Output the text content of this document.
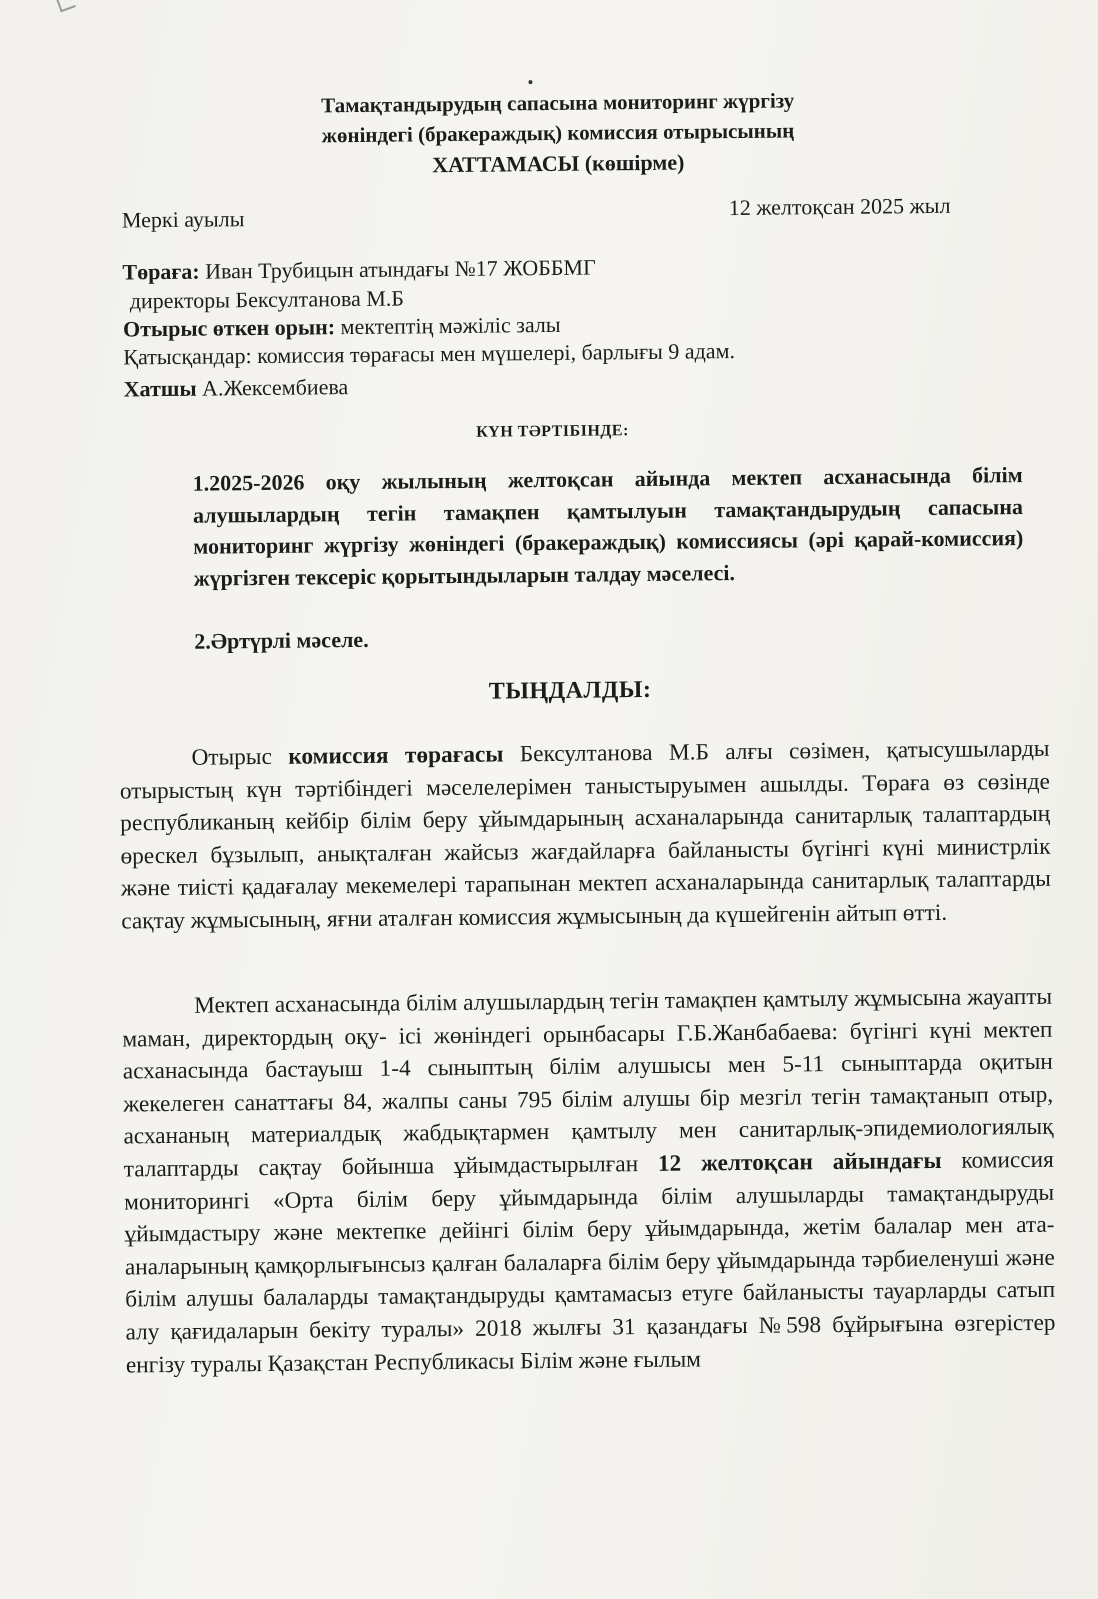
Тамақтандырудың сапасына мониторинг жүргізу
жөніндегі (бракераждық) комиссия отырысының
ХАТТАМАСЫ (көшірме)
Меркі ауылы	12 желтоқсан 2025 жыл
Төраға: Иван Трубицын атындағы №17 ЖОББМГ
директоры Бексултанова М.Б
Отырыс өткен орын: мектептің мәжіліс залы
Қатысқандар: комиссия төрағасы мен мүшелері, барлығы 9 адам.
Хатшы А.Жексембиева
КҮН ТӘРТІБІНДЕ:
1.2025-2026 оқу жылының желтоқсан айында мектеп асханасында білім алушылардың тегін тамақпен қамтылуын тамақтандырудың сапасына мониторинг жүргізу жөніндегі (бракераждық) комиссиясы (әрі қарай-комиссия) жүргізген тексеріс қорытындыларын талдау мәселесі.
2.Әртүрлі мәселе.
ТЫҢДАЛДЫ:
Отырыс комиссия төрағасы Бексултанова М.Б алғы сөзімен, қатысушыларды отырыстың күн тәртібіндегі мәселелерімен таныстыруымен ашылды. Төраға өз сөзінде республиканың кейбір білім беру ұйымдарының асханаларында санитарлық талаптардың өрескел бұзылып, анықталған жайсыз жағдайларға байланысты бүгінгі күні министрлік және тиісті қадағалау мекемелері тарапынан мектеп асханаларында санитарлық талаптарды сақтау жұмысының, яғни аталған комиссия жұмысының да күшейгенін айтып өтті.
Мектеп асханасында білім алушылардың тегін тамақпен қамтылу жұмысына жауапты маман, директордың оқу- ісі жөніндегі орынбасары Г.Б.Жанбабаева: бүгінгі күні мектеп асханасында бастауыш 1-4 сыныптың білім алушысы мен 5-11 сыныптарда оқитын жекелеген санаттағы 84, жалпы саны 795 білім алушы бір мезгіл тегін тамақтанып отыр, асхананың материалдық жабдықтармен қамтылу мен санитарлық-эпидемиологиялық талаптарды сақтау бойынша ұйымдастырылған 12 желтоқсан айындағы комиссия мониторингі «Орта білім беру ұйымдарында білім алушыларды тамақтандыруды ұйымдастыру және мектепке дейінгі білім беру ұйымдарында, жетім балалар мен ата-аналарының қамқорлығынсыз қалған балаларға білім беру ұйымдарында тәрбиеленуші және білім алушы балаларды тамақтандыруды қамтамасыз етуге байланысты тауарларды сатып алу қағидаларын бекіту туралы» 2018 жылғы 31 қазандағы №598 бұйрығына өзгерістер енгізу туралы Қазақстан Республикасы Білім және ғылым
